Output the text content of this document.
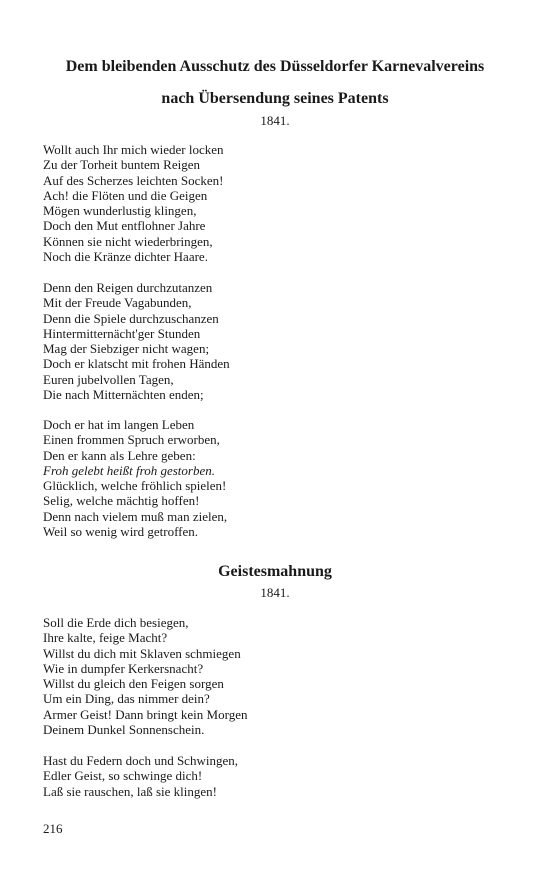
Dem bleibenden Ausschutz des Düsseldorfer Karnevalvereins
nach Übersendung seines Patents
1841.
Wollt auch Ihr mich wieder locken
Zu der Torheit buntem Reigen
Auf des Scherzes leichten Socken!
Ach! die Flöten und die Geigen
Mögen wunderlustig klingen,
Doch den Mut entflohner Jahre
Können sie nicht wiederbringen,
Noch die Kränze dichter Haare.
Denn den Reigen durchzutanzen
Mit der Freude Vagabunden,
Denn die Spiele durchzuschanzen
Hintermitternächt'ger Stunden
Mag der Siebziger nicht wagen;
Doch er klatscht mit frohen Händen
Euren jubelvollen Tagen,
Die nach Mitternächten enden;
Doch er hat im langen Leben
Einen frommen Spruch erworben,
Den er kann als Lehre geben:
Froh gelebt heißt froh gestorben.
Glücklich, welche fröhlich spielen!
Selig, welche mächtig hoffen!
Denn nach vielem muß man zielen,
Weil so wenig wird getroffen.
Geistesmahnung
1841.
Soll die Erde dich besiegen,
Ihre kalte, feige Macht?
Willst du dich mit Sklaven schmiegen
Wie in dumpfer Kerkersnacht?
Willst du gleich den Feigen sorgen
Um ein Ding, das nimmer dein?
Armer Geist! Dann bringt kein Morgen
Deinem Dunkel Sonnenschein.
Hast du Federn doch und Schwingen,
Edler Geist, so schwinge dich!
Laß sie rauschen, laß sie klingen!
216
